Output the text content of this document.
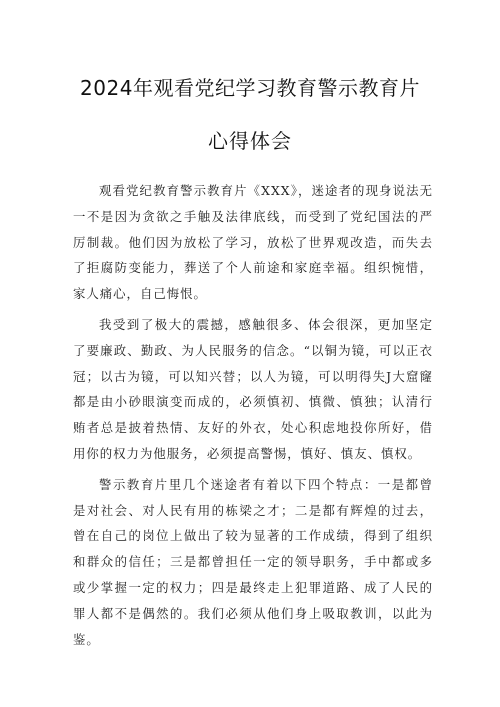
2024年观看党纪学习教育警示教育片
心得体会

观看党纪教育警示教育片《XXX》，迷途者的现身说法无一不是因为贪欲之手触及法律底线，而受到了党纪国法的严厉制裁。他们因为放松了学习，放松了世界观改造，而失去了拒腐防变能力，葬送了个人前途和家庭幸福。组织惋惜，家人痛心，自己悔恨。

我受到了极大的震撼，感触很多、体会很深，更加坚定了要廉政、勤政、为人民服务的信念。“以铜为镜，可以正衣冠；以古为镜，可以知兴替；以人为镜，可以明得失J大窟窿都是由小砂眼演变而成的，必须慎初、慎微、慎独；认清行贿者总是披着热情、友好的外衣，处心积虑地投你所好，借用你的权力为他服务，必须提高警惕，慎好、慎友、慎权。

警示教育片里几个迷途者有着以下四个特点：一是都曾是对社会、对人民有用的栋梁之才；二是都有辉煌的过去，曾在自己的岗位上做出了较为显著的工作成绩，得到了组织和群众的信任；三是都曾担任一定的领导职务，手中都或多或少掌握一定的权力；四是最终走上犯罪道路、成了人民的罪人都不是偶然的。我们必须从他们身上吸取教训，以此为鉴。
